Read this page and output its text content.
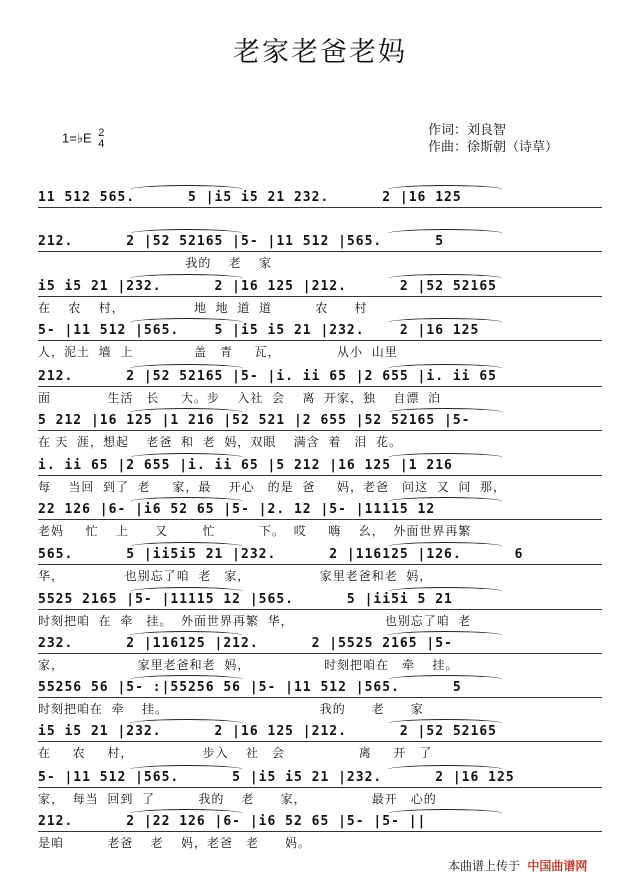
老家老爸老妈
1=♭E 2
4
作词：刘良智
作曲：徐斯朝（诗草）
11 512 565.      5 |i5 i5 21 232.      2 |16 125
212.      2 |52 52165 |5- |11 512 |565.      5
我的    老    家
i5 i5 21 |232.      2 |16 125 |212.      2 |52 52165
在    农    村，                地  地  道  道          农      村
5- |11 512 |565.    5 |i5 i5 21 |232.    2 |16 125
人，泥土  墙  上              盖   青     瓦，             从小  山里
212.      2 |52 52165 |5- |i. ii 65 |2 655 |i. ii 65
面             生活   长     大。步    入社  会    离  开家，独    自漂  泊
5 212 |16 125 |1 216 |52 521 |2 655 |52 52165 |5-
在 天  涯，想起    老爸  和  老  妈，双眼    满含  着   泪  花。
i. ii 65 |2 655 |i. ii 65 |5 212 |16 125 |1 216
每    当回  到了  老     家，最    开心   的是  爸     妈，老爸   问这  又  问  那，
22 126 |6- |i6 52 65 |5- |2. 12 |5- |11115 12
老妈     忙    上      又        忙          下。  哎     嗨    幺，  外面世界再繁
565.      5 |ii5i5 21 |232.      2 |116125 |126.      6
华，              也别忘了咱  老   家，                家里老爸和老  妈，
5525 2165 |5- |11115 12 |565.      5 |ii5i 5 21
时刻把咱  在  牵   挂。  外面世界再繁  华，                     也别忘了咱  老
232.      2 |116125 |212.      2 |5525 2165 |5-
家，                 家里老爸和老  妈，                 时刻把咱在   牵    挂。
55256 56 |5- :|55256 56 |5- |11 512 |565.      5
时刻把咱在  牵    挂。                                   我的      老      家
i5 i5 21 |232.      2 |16 125 |212.      2 |52 52165
在     农     村，                步入    社   会                 离     开   了
5- |11 512 |565.      5 |i5 i5 21 |232.      2 |16 125
家，  每当  回到  了          我的    老      家，               最开   心的
212.      2 |22 126 |6- |i6 52 65 |5- |5- ||
是咱          老爸    老    妈，老爸   老      妈。
本曲谱上传于 中国曲谱网
